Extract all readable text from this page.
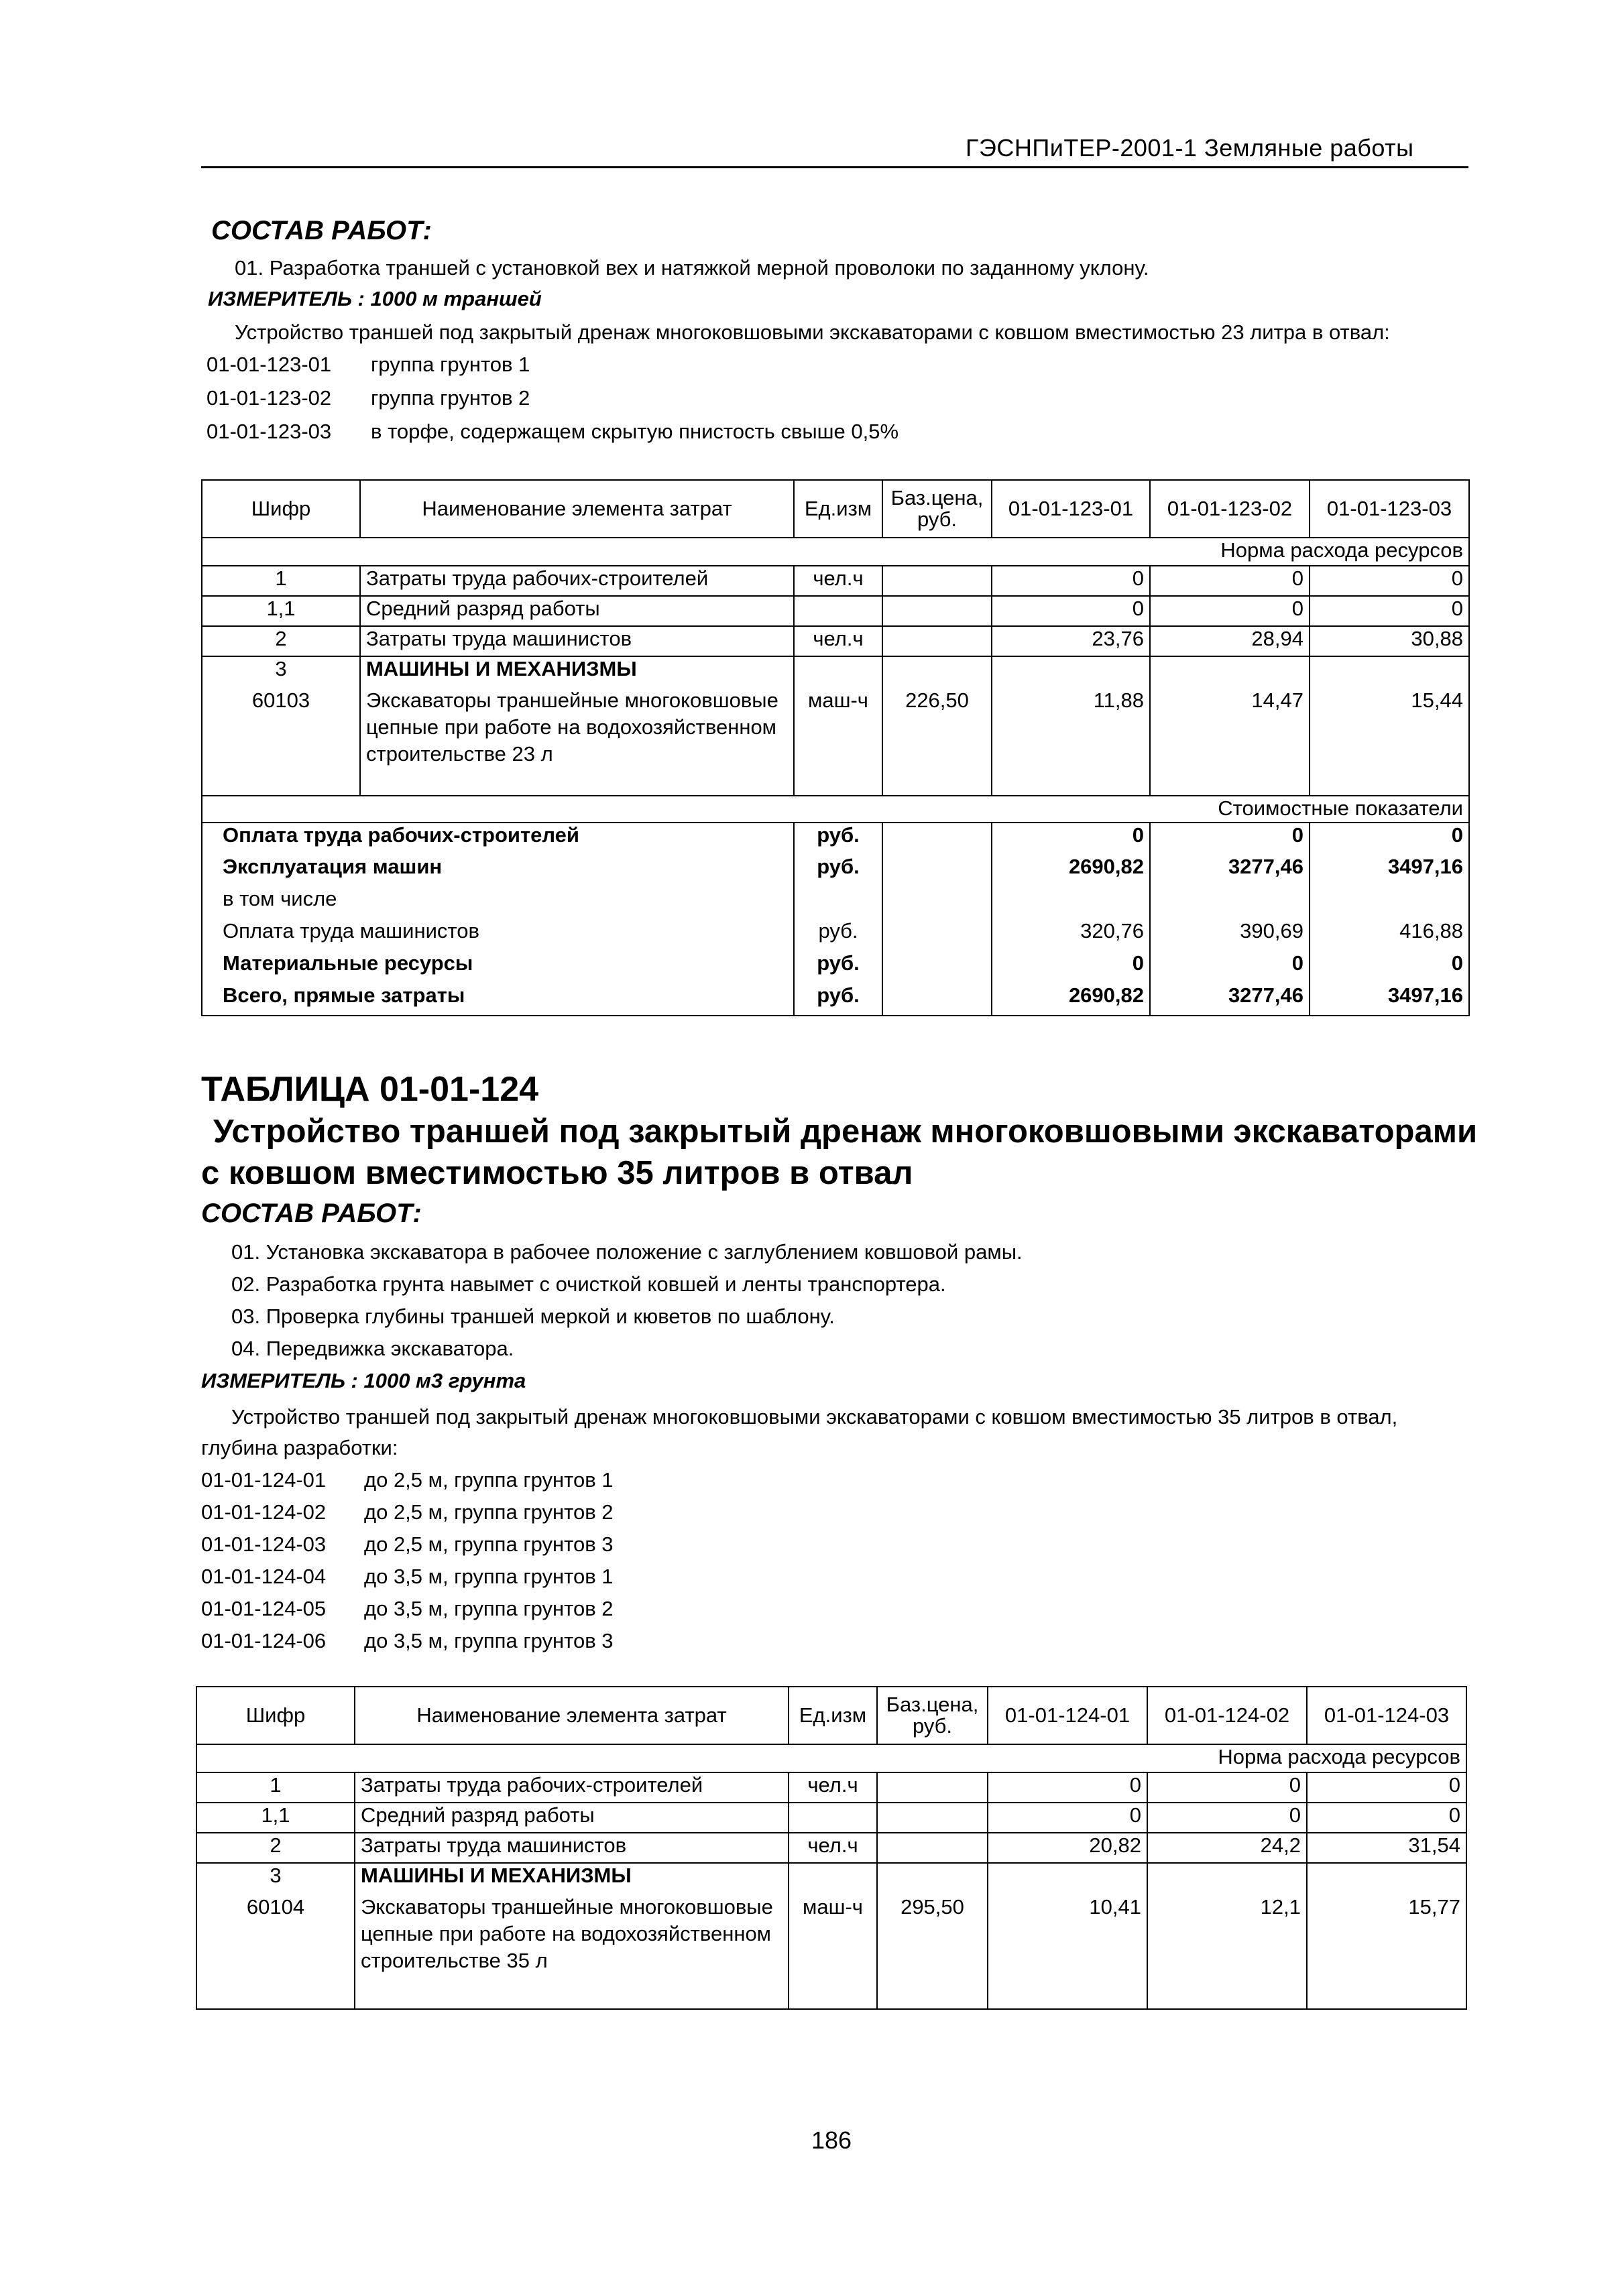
ГЭСНПиТЕР-2001-1 Земляные работы
СОСТАВ РАБОТ:
01. Разработка траншей с установкой вех и натяжкой мерной проволоки по заданному уклону.
ИЗМЕРИТЕЛЬ : 1000 м траншей
Устройство траншей под закрытый дренаж многоковшовыми экскаваторами с ковшом вместимостью 23 литра в отвал:
01-01-123-01 группа грунтов 1
01-01-123-02 группа грунтов 2
01-01-123-03 в торфе, содержащем скрытую пнистость свыше 0,5%
Шифр	Наименование элемента затрат	Ед.изм	Баз.цена, руб.	01-01-123-01	01-01-123-02	01-01-123-03
Норма расхода ресурсов						
1	Затраты труда рабочих-строителей	чел.ч		0	0	0
1,1	Средний разряд работы			0	0	0
2	Затраты труда машинистов	чел.ч		23,76	28,94	30,88
3	МАШИНЫ И МЕХАНИЗМЫ					
60103	Экскаваторы траншейные многоковшовые цепные при работе на водохозяйственном строительстве 23 л	маш-ч	226,50	11,88	14,47	15,44
Стоимостные показатели						
Оплата труда рабочих-строителей		руб.		0	0	0
Эксплуатация машин		руб.		2690,82	3277,46	3497,16
в том числе						
Оплата труда машинистов		руб.		320,76	390,69	416,88
Материальные ресурсы		руб.		0	0	0
Всего, прямые затраты		руб.		2690,82	3277,46	3497,16
ТАБЛИЦА 01-01-124
Устройство траншей под закрытый дренаж многоковшовыми экскаваторами
с ковшом вместимостью 35 литров в отвал
СОСТАВ РАБОТ:
01. Установка экскаватора в рабочее положение с заглублением ковшовой рамы.
02. Разработка грунта навымет с очисткой ковшей и ленты транспортера.
03. Проверка глубины траншей меркой и кюветов по шаблону.
04. Передвижка экскаватора.
ИЗМЕРИТЕЛЬ : 1000 м3 грунта
Устройство траншей под закрытый дренаж многоковшовыми экскаваторами с ковшом вместимостью 35 литров в отвал,
глубина разработки:
01-01-124-01 до 2,5 м, группа грунтов 1
01-01-124-02 до 2,5 м, группа грунтов 2
01-01-124-03 до 2,5 м, группа грунтов 3
01-01-124-04 до 3,5 м, группа грунтов 1
01-01-124-05 до 3,5 м, группа грунтов 2
01-01-124-06 до 3,5 м, группа грунтов 3
Шифр	Наименование элемента затрат	Ед.изм	Баз.цена, руб.	01-01-124-01	01-01-124-02	01-01-124-03
Норма расхода ресурсов						
1	Затраты труда рабочих-строителей	чел.ч		0	0	0
1,1	Средний разряд работы			0	0	0
2	Затраты труда машинистов	чел.ч		20,82	24,2	31,54
3	МАШИНЫ И МЕХАНИЗМЫ					
60104	Экскаваторы траншейные многоковшовые цепные при работе на водохозяйственном строительстве 35 л	маш-ч	295,50	10,41	12,1	15,77
186
